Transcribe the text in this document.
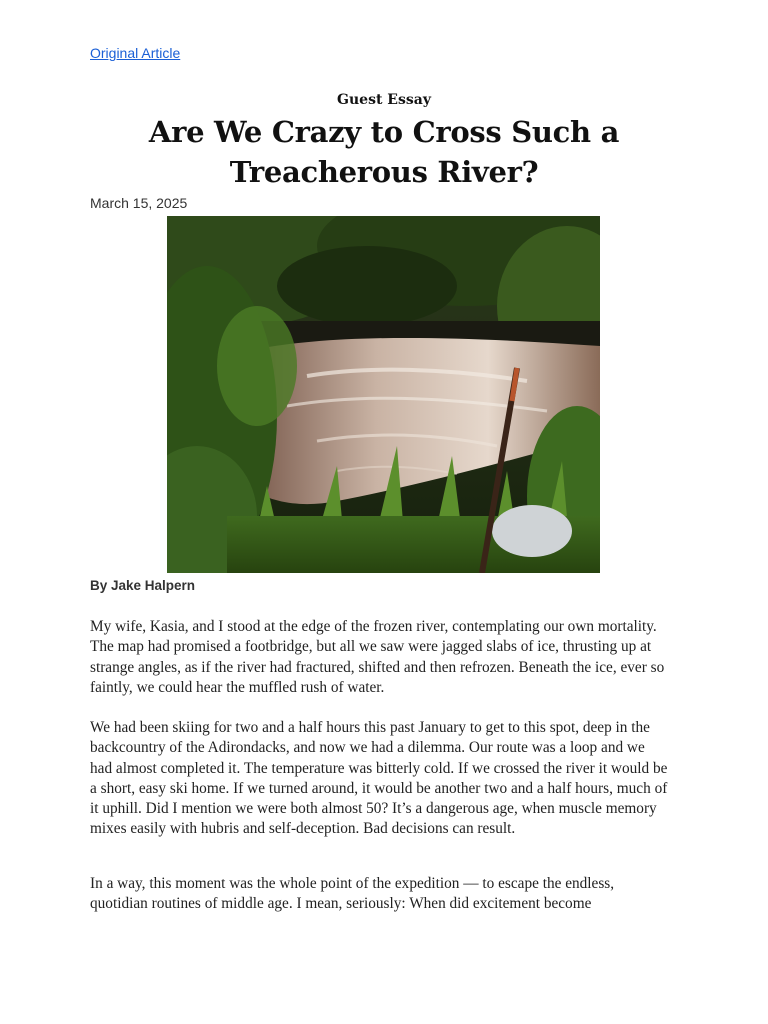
Original Article
Guest Essay
Are We Crazy to Cross Such a Treacherous River?
March 15, 2025
By Jake Halpern

My wife, Kasia, and I stood at the edge of the frozen river, contemplating our own mortality. The map had promised a footbridge, but all we saw were jagged slabs of ice, thrusting up at strange angles, as if the river had fractured, shifted and then refrozen. Beneath the ice, ever so faintly, we could hear the muffled rush of water.

We had been skiing for two and a half hours this past January to get to this spot, deep in the backcountry of the Adirondacks, and now we had a dilemma. Our route was a loop and we had almost completed it. The temperature was bitterly cold. If we crossed the river it would be a short, easy ski home. If we turned around, it would be another two and a half hours, much of it uphill. Did I mention we were both almost 50? It’s a dangerous age, when muscle memory mixes easily with hubris and self-deception. Bad decisions can result.

In a way, this moment was the whole point of the expedition — to escape the endless, quotidian routines of middle age. I mean, seriously: When did excitement become
